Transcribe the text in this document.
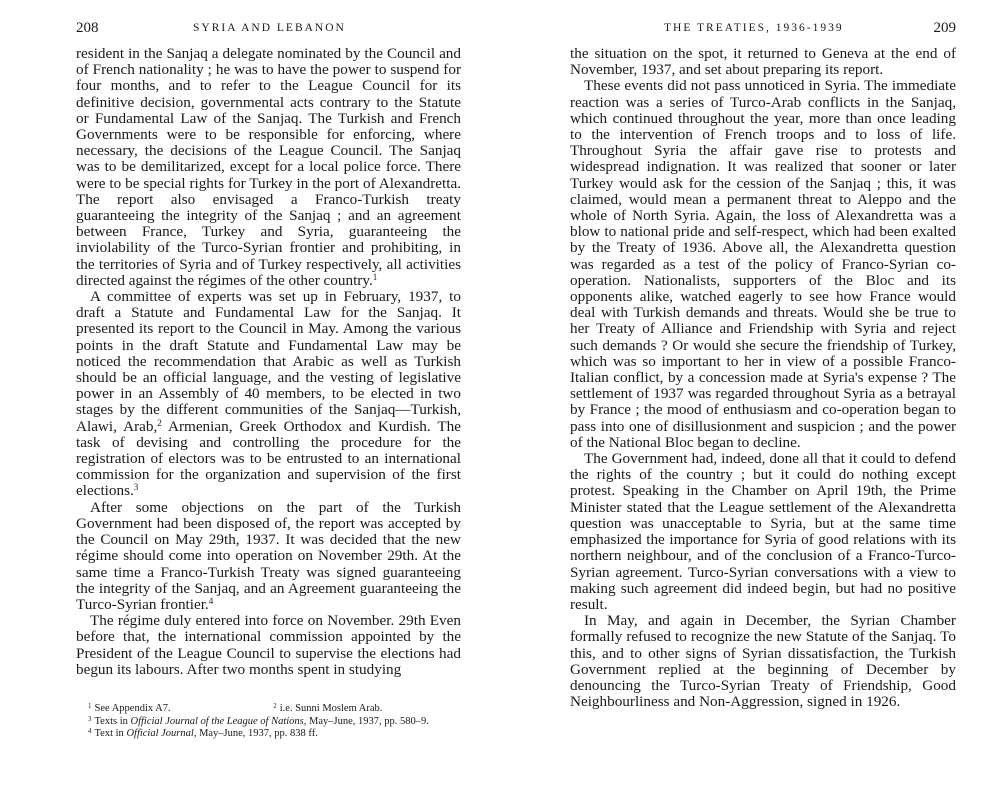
208	SYRIA AND LEBANON

resident in the Sanjaq a delegate nominated by the Council and of French nationality ; he was to have the power to suspend for four months, and to refer to the League Council for its definitive decision, governmental acts contrary to the Statute or Fundamental Law of the Sanjaq. The Turkish and French Governments were to be responsible for enforcing, where necessary, the decisions of the League Council. The Sanjaq was to be demilitarized, except for a local police force. There were to be special rights for Turkey in the port of Alexandretta. The report also envisaged a Franco-Turkish treaty guaranteeing the integrity of the Sanjaq ; and an agreement between France, Turkey and Syria, guaranteeing the inviolability of the Turco-Syrian frontier and prohibiting, in the territories of Syria and of Turkey respectively, all activities directed against the régimes of the other country.$^1$

A committee of experts was set up in February, 1937, to draft a Statute and Fundamental Law for the Sanjaq. It presented its report to the Council in May. Among the various points in the draft Statute and Fundamental Law may be noticed the recommendation that Arabic as well as Turkish should be an official language, and the vesting of legislative power in an Assembly of 40 members, to be elected in two stages by the different communities of the Sanjaq—Turkish, Alawi, Arab,$^2$ Armenian, Greek Orthodox and Kurdish. The task of devising and controlling the procedure for the registration of electors was to be entrusted to an international commission for the organization and supervision of the first elections.$^3$

After some objections on the part of the Turkish Government had been disposed of, the report was accepted by the Council on May 29th, 1937. It was decided that the new régime should come into operation on November 29th. At the same time a Franco-Turkish Treaty was signed guaranteeing the integrity of the Sanjaq, and an Agreement guaranteeing the Turco-Syrian frontier.$^4$

The régime duly entered into force on November. 29th Even before that, the international commission appointed by the President of the League Council to supervise the elections had begun its labours. After two months spent in studying

$^1$ See Appendix A7.	$^2$ i.e. Sunni Moslem Arab.
$^3$ Texts in Official Journal of the League of Nations, May–June, 1937, pp. 580–9.
$^4$ Text in Official Journal, May–June, 1937, pp. 838 ff.
THE TREATIES, 1936-1939	209

the situation on the spot, it returned to Geneva at the end of November, 1937, and set about preparing its report.

These events did not pass unnoticed in Syria. The immediate reaction was a series of Turco-Arab conflicts in the Sanjaq, which continued throughout the year, more than once leading to the intervention of French troops and to loss of life. Throughout Syria the affair gave rise to protests and widespread indignation. It was realized that sooner or later Turkey would ask for the cession of the Sanjaq ; this, it was claimed, would mean a permanent threat to Aleppo and the whole of North Syria. Again, the loss of Alexandretta was a blow to national pride and self-respect, which had been exalted by the Treaty of 1936. Above all, the Alexandretta question was regarded as a test of the policy of Franco-Syrian co-operation. Nationalists, supporters of the Bloc and its opponents alike, watched eagerly to see how France would deal with Turkish demands and threats. Would she be true to her Treaty of Alliance and Friendship with Syria and reject such demands ? Or would she secure the friendship of Turkey, which was so important to her in view of a possible Franco-Italian conflict, by a concession made at Syria's expense ? The settlement of 1937 was regarded throughout Syria as a betrayal by France ; the mood of enthusiasm and co-operation began to pass into one of disillusionment and suspicion ; and the power of the National Bloc began to decline.

The Government had, indeed, done all that it could to defend the rights of the country ; but it could do nothing except protest. Speaking in the Chamber on April 19th, the Prime Minister stated that the League settlement of the Alexandretta question was unacceptable to Syria, but at the same time emphasized the importance for Syria of good relations with its northern neighbour, and of the conclusion of a Franco-Turco-Syrian agreement. Turco-Syrian conversations with a view to making such agreement did indeed begin, but had no positive result.

In May, and again in December, the Syrian Chamber formally refused to recognize the new Statute of the Sanjaq. To this, and to other signs of Syrian dissatisfaction, the Turkish Government replied at the beginning of December by denouncing the Turco-Syrian Treaty of Friendship, Good Neighbourliness and Non-Aggression, signed in 1926.
